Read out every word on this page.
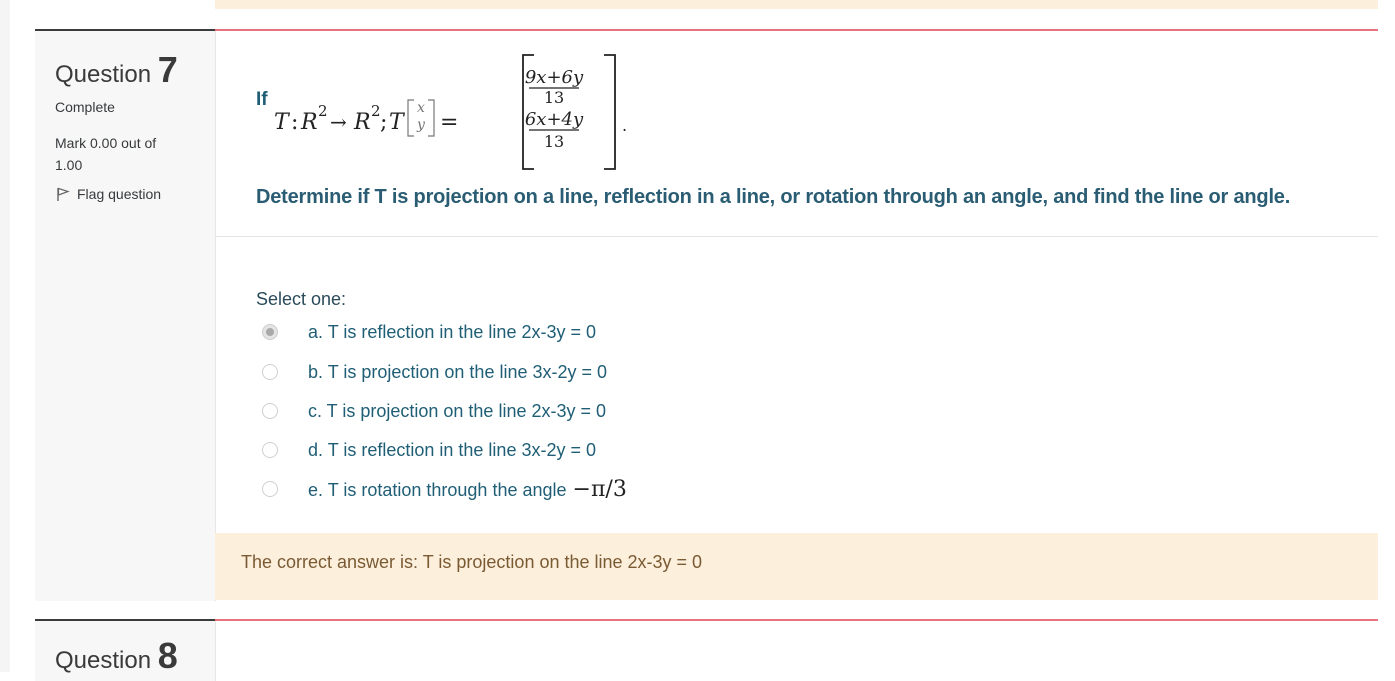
Question 7
Complete
Mark 0.00 out of 1.00
Flag question
If
T : R 2 → R 2 ; T
x
y =
9x+6y
13
6x+4y
13
.
Determine if T is projection on a line, reflection in a line, or rotation through an angle, and find the line or angle.
Select one:
a. T is reflection in the line 2x-3y = 0
b. T is projection on the line 3x-2y = 0
c. T is projection on the line 2x-3y = 0
d. T is reflection in the line 3x-2y = 0
e. T is rotation through the angle −π/3
The correct answer is: T is projection on the line 2x-3y = 0
Question 8
